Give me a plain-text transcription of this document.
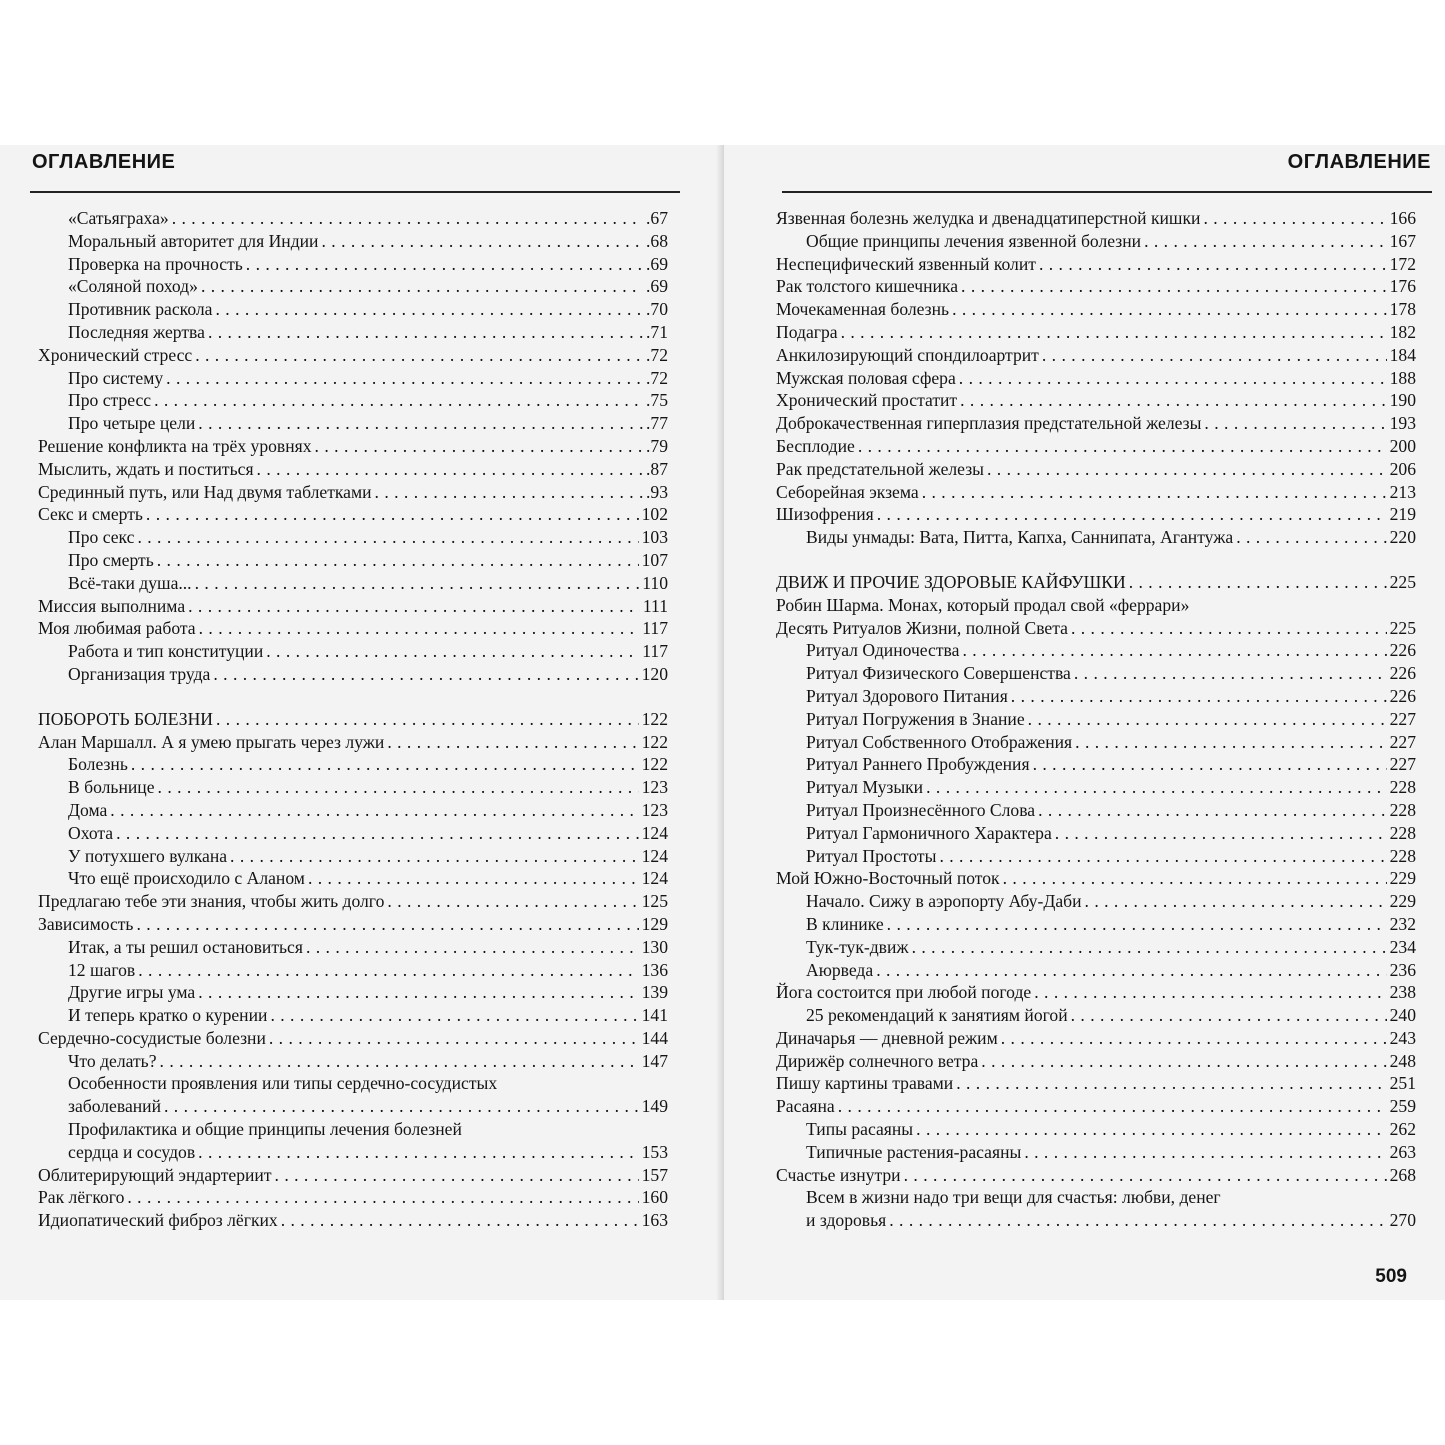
ОГЛАВЛЕНИЕ
«Сатьяграха» . . .	.67
Моральный авторитет для Индии . . .	.68
Проверка на прочность . . .	.69
«Соляной поход» . . .	.69
Противник раскола . . .	.70
Последняя жертва . . .	.71
Хронический стресс . . .	.72
Про систему . . .	.72
Про стресс . . .	.75
Про четыре цели . . .	.77
Решение конфликта на трёх уровнях . . .	.79
Мыслить, ждать и поститься . . .	.87
Срединный путь, или Над двумя таблетками . . .	.93
Секс и смерть . . .	102
Про секс . . .	103
Про смерть . . .	107
Всё-таки душа... . . .	110
Миссия выполнима . . .	111
Моя любимая работа . . .	117
Работа и тип конституции . . .	117
Организация труда . . .	120
ПОБОРОТЬ БОЛЕЗНИ . . .	122
Алан Маршалл. А я умею прыгать через лужи . . .	122
Болезнь . . .	122
В больнице . . .	123
Дома . . .	123
Охота . . .	124
У потухшего вулкана . . .	124
Что ещё происходило с Аланом . . .	124
Предлагаю тебе эти знания, чтобы жить долго . . .	125
Зависимость . . .	129
Итак, а ты решил остановиться . . .	130
12 шагов . . .	136
Другие игры ума . . .	139
И теперь кратко о курении . . .	141
Сердечно-сосудистые болезни . . .	144
Что делать? . . .	147
Особенности проявления или типы сердечно-сосудистых
заболеваний . . .	149
Профилактика и общие принципы лечения болезней
сердца и сосудов . . .	153
Облитерирующий эндартериит . . .	157
Рак лёгкого . . .	160
Идиопатический фиброз лёгких . . .	163
ОГЛАВЛЕНИЕ
Язвенная болезнь желудка и двенадцатиперстной кишки . . .	166
Общие принципы лечения язвенной болезни . . .	167
Неспецифический язвенный колит . . .	172
Рак толстого кишечника . . .	176
Мочекаменная болезнь . . .	178
Подагра . . .	182
Анкилозирующий спондилоартрит . . .	184
Мужская половая сфера . . .	188
Хронический простатит . . .	190
Доброкачественная гиперплазия предстательной железы . . .	193
Бесплодие . . .	200
Рак предстательной железы . . .	206
Себорейная экзема . . .	213
Шизофрения . . .	219
Виды унмады: Вата, Питта, Капха, Саннипата, Агантужа . . .	220
ДВИЖ И ПРОЧИЕ ЗДОРОВЫЕ КАЙФУШКИ . . .	225
Робин Шарма. Монах, который продал свой «феррари»
Десять Ритуалов Жизни, полной Света . . .	225
Ритуал Одиночества . . .	226
Ритуал Физического Совершенства . . .	226
Ритуал Здорового Питания . . .	226
Ритуал Погружения в Знание . . .	227
Ритуал Собственного Отображения . . .	227
Ритуал Раннего Пробуждения . . .	227
Ритуал Музыки . . .	228
Ритуал Произнесённого Слова . . .	228
Ритуал Гармоничного Характера . . .	228
Ритуал Простоты . . .	228
Мой Южно-Восточный поток . . .	229
Начало. Сижу в аэропорту Абу-Даби . . .	229
В клинике . . .	232
Тук-тук-движ . . .	234
Аюрведа . . .	236
Йога состоится при любой погоде . . .	238
25 рекомендаций к занятиям йогой . . .	240
Диначарья — дневной режим . . .	243
Дирижёр солнечного ветра . . .	248
Пишу картины травами . . .	251
Расаяна . . .	259
Типы расаяны . . .	262
Типичные растения-расаяны . . .	263
Счастье изнутри . . .	268
Всем в жизни надо три вещи для счастья: любви, денег
и здоровья . . .	270
509
